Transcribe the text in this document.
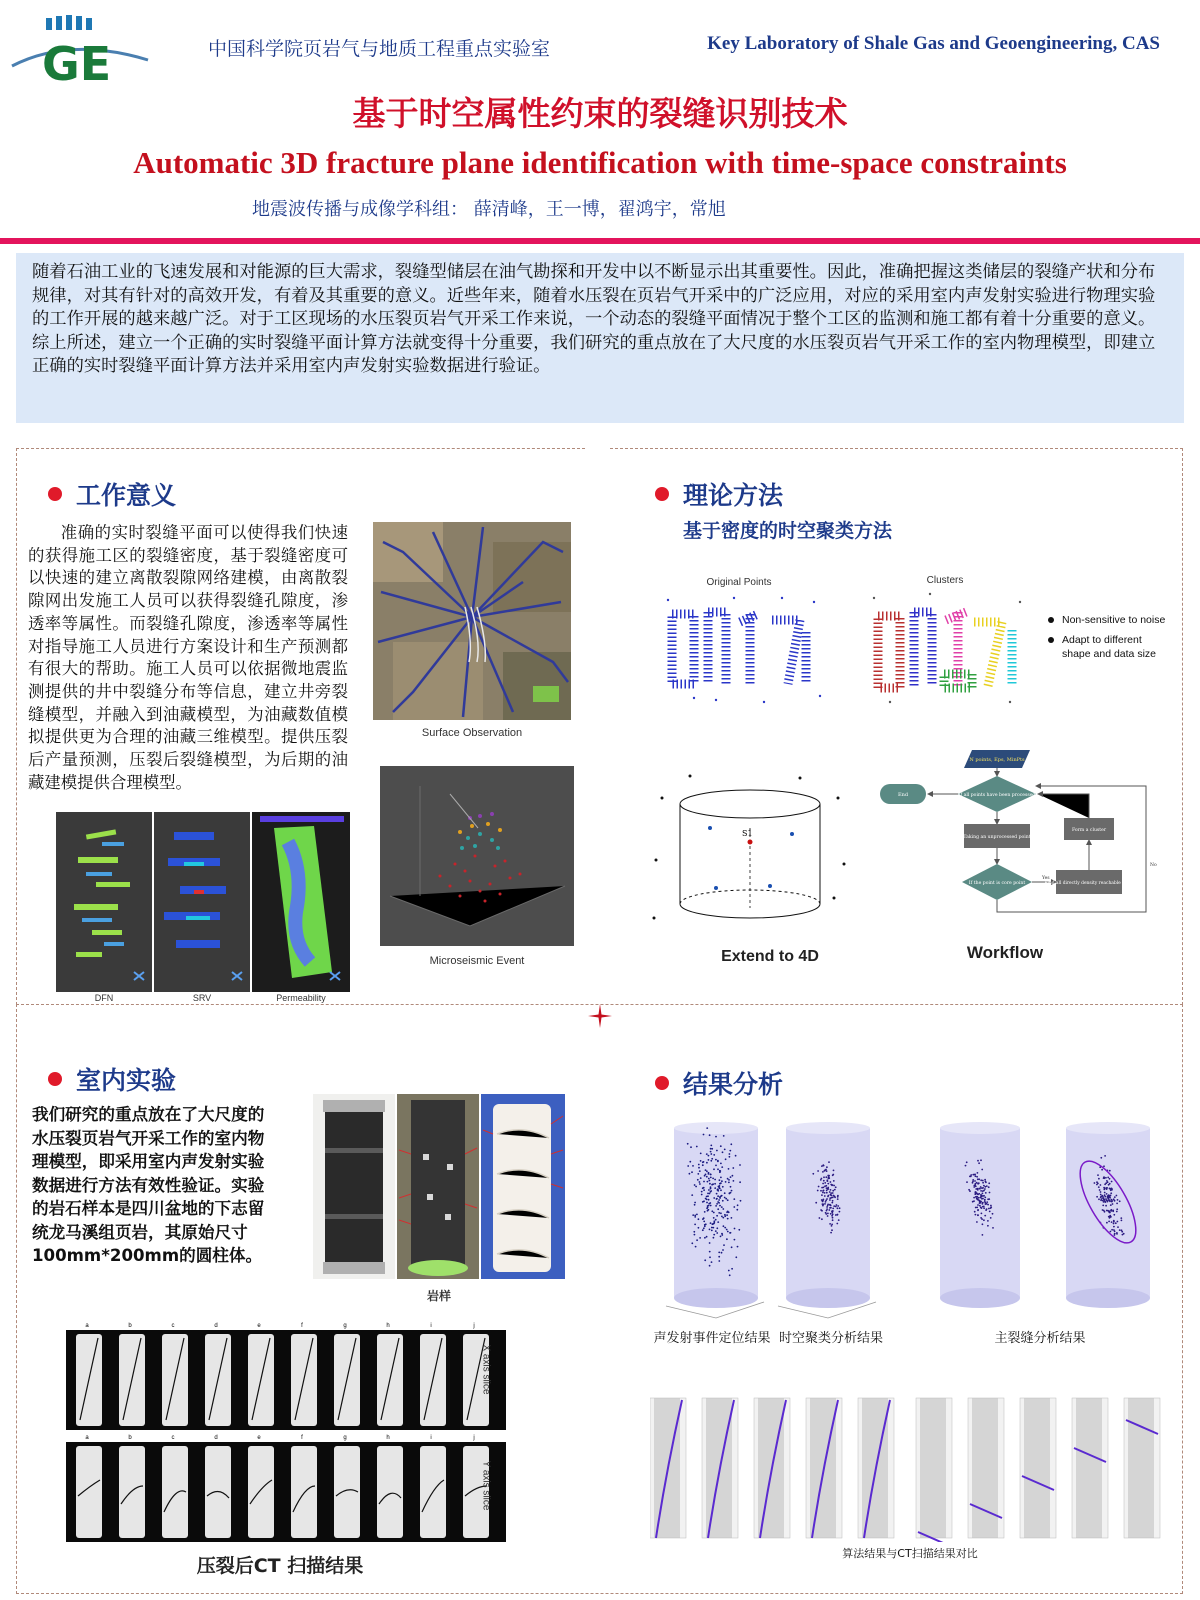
GE	中国科学院页岩气与地质工程重点实验室	Key Laboratory of Shale Gas and Geoengineering, CAS
基于时空属性约束的裂缝识别技术
Automatic 3D fracture plane identification with time-space constraints
地震波传播与成像学科组： 薛清峰，王一博，翟鸿宇，常旭
随着石油工业的飞速发展和对能源的巨大需求，裂缝型储层在油气勘探和开发中以不断显示出其重要性。因此，准确把握这类储层的裂缝产状和分布规律，对其有针对的高效开发，有着及其重要的意义。近些年来，随着水压裂在页岩气开采中的广泛应用，对应的采用室内声发射实验进行物理实验的工作开展的越来越广泛。对于工区现场的水压裂页岩气开采工作来说，一个动态的裂缝平面情况于整个工区的监测和施工都有着十分重要的意义。综上所述，建立一个正确的实时裂缝平面计算方法就变得十分重要，我们研究的重点放在了大尺度的水压裂页岩气开采工作的室内物理模型，即建立正确的实时裂缝平面计算方法并采用室内声发射实验数据进行验证。
工作意义
准确的实时裂缝平面可以使得我们快速的获得施工区的裂缝密度，基于裂缝密度可以快速的建立离散裂隙网络建模，由离散裂隙网出发施工人员可以获得裂缝孔隙度，渗透率等属性。而裂缝孔隙度，渗透率等属性对指导施工人员进行方案设计和生产预测都有很大的帮助。施工人员可以依据微地震监测提供的井中裂缝分布等信息，建立井旁裂缝模型，并融入到油藏模型，为油藏数值模拟提供更为合理的油藏三维模型。提供压裂后产量预测，压裂后裂缝模型，为后期的油藏建模提供合理模型。
Surface Observation
Microseismic Event
DFN	SRV	Permeability
理论方法
基于密度的时空聚类方法
Original Points	Clusters
Non-sensitive to noise
Adapt to different shape and data size
S1
Extend to 4D
N points, Eps, MinPts
If all points have been processed
End
Taking an unprocessed point
If the point is core point
Yes
Find all directly density reachable point
Form a cluster
No
Workflow
室内实验
我们研究的重点放在了大尺度的水压裂页岩气开采工作的室内物理模型，即采用室内声发射实验数据进行方法有效性验证。实验的岩石样本是四川盆地的下志留统龙马溪组页岩，其原始尺寸100mm*200mm的圆柱体。
岩样
a	b	c	d	e	f	g	h	i	j
a	b	c	d	e	f	g	h	i	j
X axis slice
Y axis slice
压裂后CT 扫描结果
结果分析
声发射事件定位结果 时空聚类分析结果	主裂缝分析结果
算法结果与CT扫描结果对比
